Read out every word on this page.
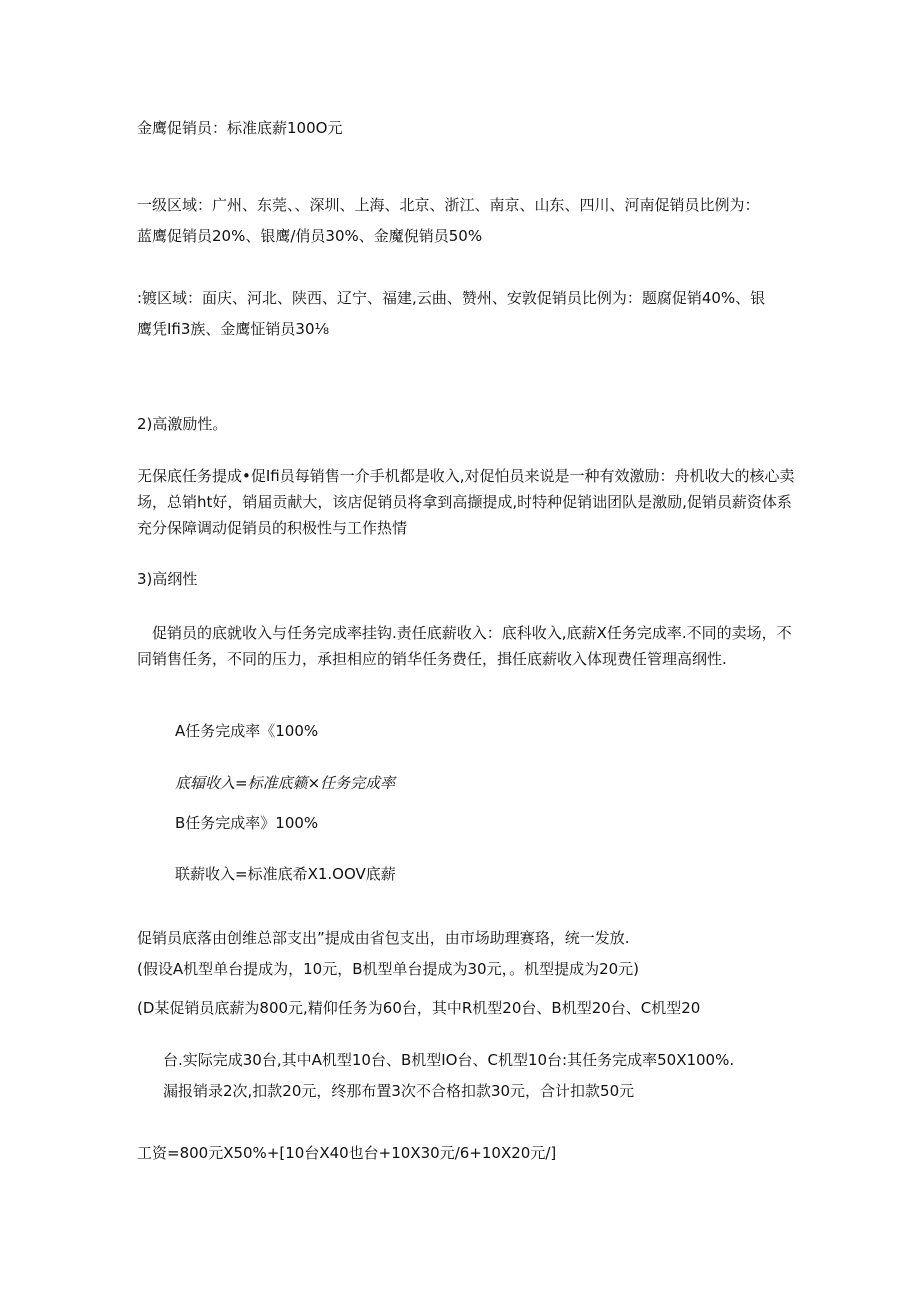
金鹰促销员：标准底薪100O元

一级区域：广州、东莞、、深圳、上海、北京、浙江、南京、山东、四川、河南促销员比例为：

蓝鹰促销员20%、银鹰/俏员30%、金魔倪销员50%

:镀区域：面庆、河北、陕西、辽宁、福建,云曲、赞州、安敦促销员比例为：题腐促销40%、银

鹰凭Ifi3族、金鹰怔销员30⅛

2)高激励性。

无保底任务提成•促Ifi员每销售一介手机都是收入,对促怕员来说是一种有效激励：舟机收大的核心卖场，总销ht好，销届贡献大，该店促销员将拿到高撷提成,时特种促销诎团队是激励,促销员薪资体系充分保障调动促销员的积极性与工作热情

3)高纲性

促销员的底就收入与任务完成率挂钩.责任底薪收入：底科收入,底薪X任务完成率.不同的卖场，不同销售任务，不同的压力，承担相应的销华任务费任，揖任底薪收入体现费任管理高纲性.

A任务完成率《100%

底辐收入=标准底籁×任务完成率

B任务完成率》100%

联薪收入=标准底希X1.OOV底薪

促销员底落由创维总部支出”提成由省包支出，由市场助理赛珞，统一发放.

(假设A机型单台提成为，10元，B机型单台提成为30元，。机型提成为20元)

(D某促销员底薪为800元,精仰任务为60台，其中R机型20台、B机型20台、C机型20

台.实际完成30台,其中A机型10台、B机型IO台、C机型10台:其任务完成率50X100%.

漏报销录2次,扣款20元，终那布置3次不合格扣款30元，合计扣款50元

工资=800元X50%+[10台X40也台+10X30元/6+10X20元/]
